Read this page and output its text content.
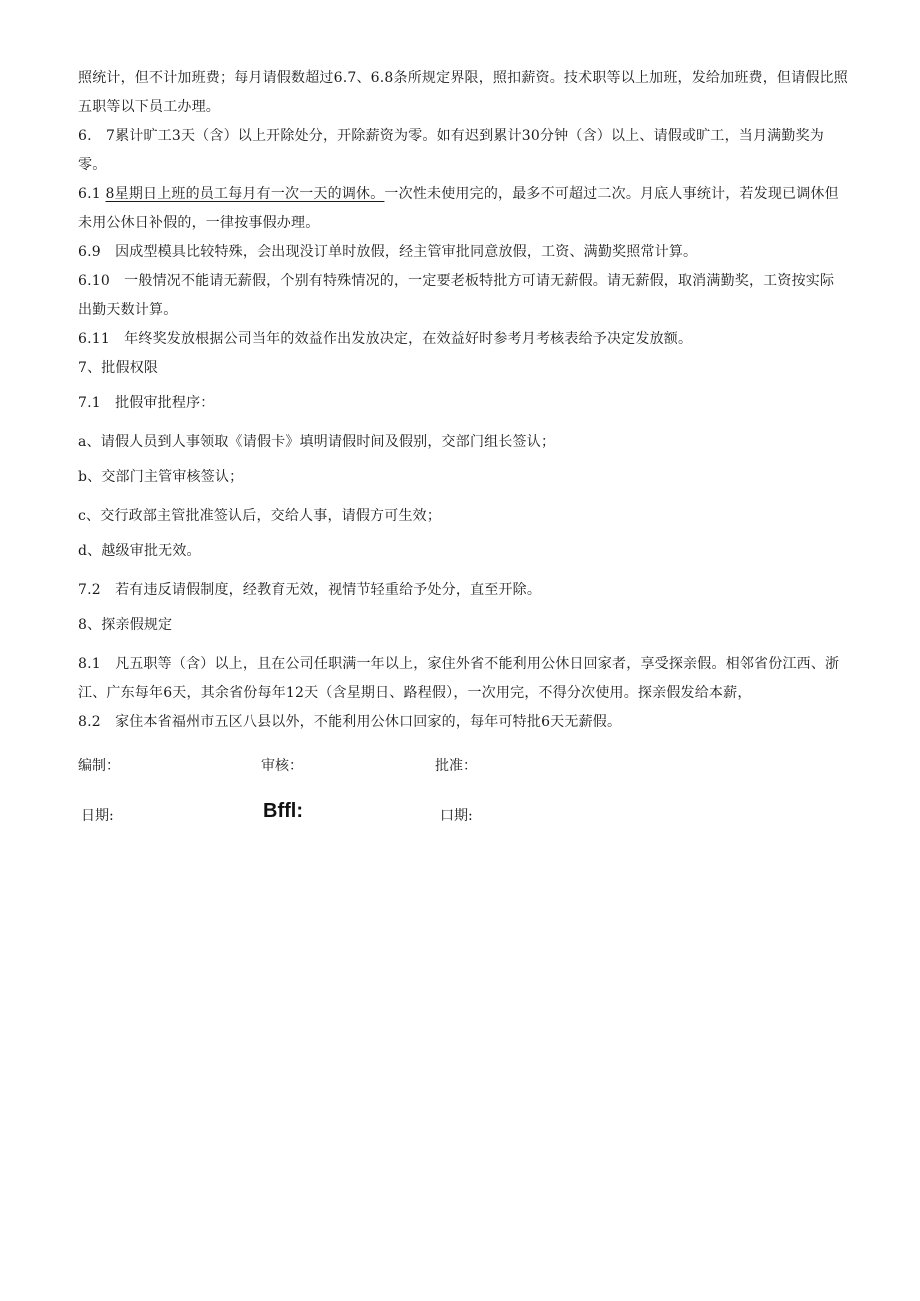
照统计，但不计加班费；每月请假数超过6.7、6.8条所规定界限，照扣薪资。技术职等以上加班，发给加班费，但请假比照五职等以下员工办理。

6.　7累计旷工3天（含）以上开除处分，开除薪资为零。如有迟到累计30分钟（含）以上、请假或旷工，当月满勤奖为零。

6.1 8星期日上班的员工每月有一次一天的调休。一次性未使用完的，最多不可超过二次。月底人事统计，若发现已调休但未用公休日补假的，一律按事假办理。

6.9　因成型模具比较特殊，会出现没订单时放假，经主管审批同意放假，工资、满勤奖照常计算。

6.10　一般情况不能请无薪假，个别有特殊情况的，一定要老板特批方可请无薪假。请无薪假，取消满勤奖，工资按实际出勤天数计算。

6.11　年终奖发放根据公司当年的效益作出发放决定，在效益好时参考月考核表给予决定发放额。

7、批假权限

7.1　批假审批程序：

a、请假人员到人事领取《请假卡》填明请假时间及假别，交部门组长签认；

b、交部门主管审核签认；

c、交行政部主管批准签认后，交给人事，请假方可生效；

d、越级审批无效。

7.2　若有违反请假制度，经教育无效，视情节轻重给予处分，直至开除。

8、探亲假规定

8.1　凡五职等（含）以上，且在公司任职满一年以上，家住外省不能利用公休日回家者，享受探亲假。相邻省份江西、浙江、广东每年6天，其余省份每年12天（含星期日、路程假），一次用完，不得分次使用。探亲假发给本薪，

8.2　家住本省福州市五区八县以外，不能利用公休口回家的，每年可特批6天无薪假。

编制：	审核：	批准：
日期:	Bffl:	口期:
